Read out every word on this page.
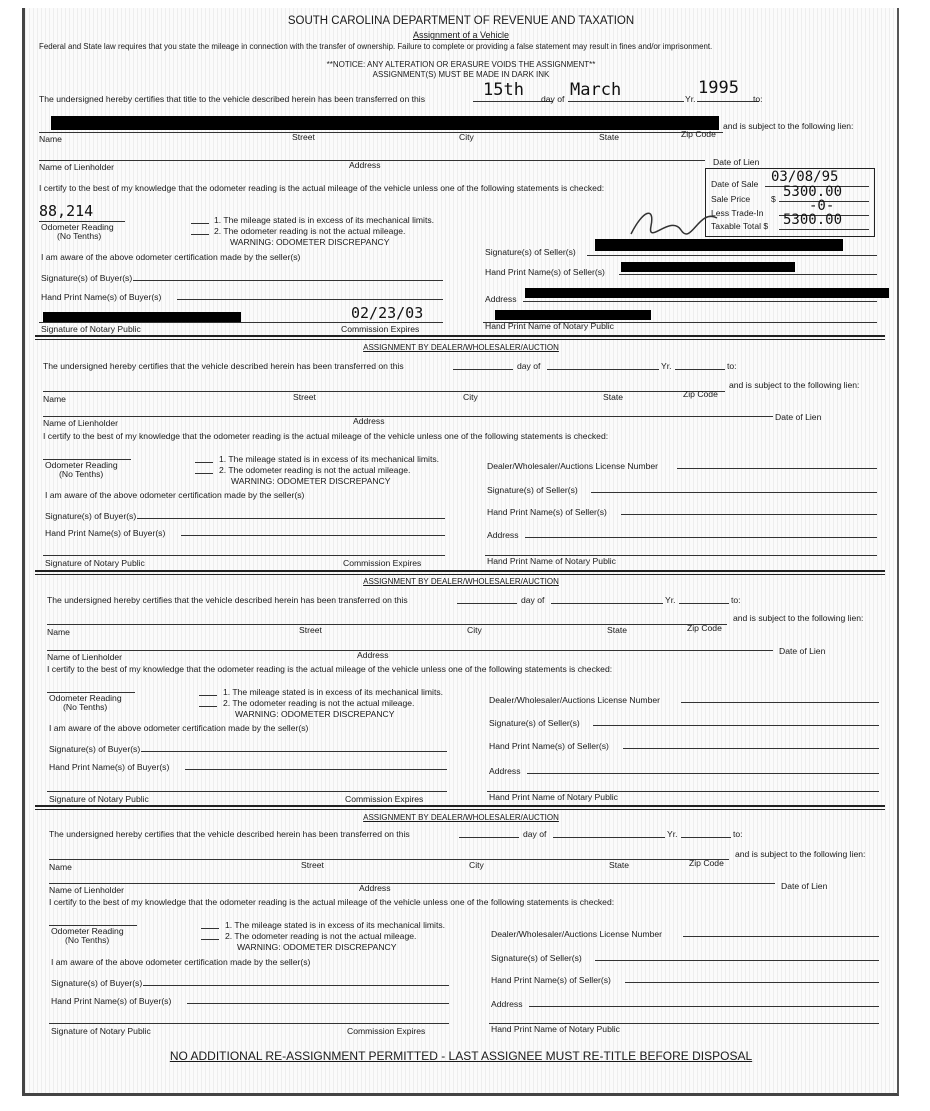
SOUTH CAROLINA DEPARTMENT OF REVENUE AND TAXATION
Assignment of a Vehicle
Federal and State law requires that you state the mileage in connection with the transfer of ownership. Failure to complete or providing a false statement may result in fines and/or imprisonment.
**NOTICE: ANY ALTERATION OR ERASURE VOIDS THE ASSIGNMENT**
ASSIGNMENT(S) MUST BE MADE IN DARK INK
The undersigned hereby certifies that title to the vehicle described herein has been transferred on this	15th day of March	Yr.
1995
to:
and is subject to the following lien:
Name	Street	City	State	Zip Code
Name of Lienholder	Address	Date of Lien
I certify to the best of my knowledge that the odometer reading is the actual mileage of the vehicle unless one of the following statements is checked:	Date of Sale 03/08/95
Sale Price $ 5300.00
Less Trade-In	-0-
Taxable Total $ 5300.00
88,214
Odometer Reading
(No Tenths)
1. The mileage stated is in excess of its mechanical limits.
2. The odometer reading is not the actual mileage.
WARNING: ODOMETER DISCREPANCY
I am aware of the above odometer certification made by the seller(s)	Signature(s) of Seller(s)
Hand Print Name(s) of Seller(s)
Signature(s) of Buyer(s)
Hand Print Name(s) of Buyer(s)	Address
02/23/03
Signature of Notary Public	Commission Expires	Hand Print Name of Notary Public
ASSIGNMENT BY DEALER/WHOLESALER/AUCTION
The undersigned hereby certifies that the vehicle described herein has been transferred on this	day of	Yr.	to:
and is subject to the following lien:
Name	Street	City	State	Zip Code
Name of Lienholder	Address	Date of Lien
I certify to the best of my knowledge that the odometer reading is the actual mileage of the vehicle unless one of the following statements is checked:
Odometer Reading
(No Tenths)
1. The mileage stated is in excess of its mechanical limits.
2. The odometer reading is not the actual mileage.
WARNING: ODOMETER DISCREPANCY
Dealer/Wholesaler/Auctions License Number
I am aware of the above odometer certification made by the seller(s)	Signature(s) of Seller(s)
Signature(s) of Buyer(s)	Hand Print Name(s) of Seller(s)
Hand Print Name(s) of Buyer(s)	Address
Signature of Notary Public	Commission Expires	Hand Print Name of Notary Public
ASSIGNMENT BY DEALER/WHOLESALER/AUCTION
The undersigned hereby certifies that the vehicle described herein has been transferred on this	day of	Yr.	to:
and is subject to the following lien:
Name	Street	City	State	Zip Code
Name of Lienholder	Address	Date of Lien
I certify to the best of my knowledge that the odometer reading is the actual mileage of the vehicle unless one of the following statements is checked:
Odometer Reading
(No Tenths)
1. The mileage stated is in excess of its mechanical limits.
2. The odometer reading is not the actual mileage.
WARNING: ODOMETER DISCREPANCY
Dealer/Wholesaler/Auctions License Number
I am aware of the above odometer certification made by the seller(s)	Signature(s) of Seller(s)
Signature(s) of Buyer(s)	Hand Print Name(s) of Seller(s)
Hand Print Name(s) of Buyer(s)	Address
Signature of Notary Public	Commission Expires	Hand Print Name of Notary Public
ASSIGNMENT BY DEALER/WHOLESALER/AUCTION
The undersigned hereby certifies that the vehicle described herein has been transferred on this	day of	Yr.	to:
and is subject to the following lien:
Name	Street	City	State	Zip Code
Name of Lienholder	Address	Date of Lien
I certify to the best of my knowledge that the odometer reading is the actual mileage of the vehicle unless one of the following statements is checked:
Odometer Reading
(No Tenths)
1. The mileage stated is in excess of its mechanical limits.
2. The odometer reading is not the actual mileage.
WARNING: ODOMETER DISCREPANCY
Dealer/Wholesaler/Auctions License Number
I am aware of the above odometer certification made by the seller(s)	Signature(s) of Seller(s)
Signature(s) of Buyer(s)	Hand Print Name(s) of Seller(s)
Hand Print Name(s) of Buyer(s)	Address
Signature of Notary Public	Commission Expires	Hand Print Name of Notary Public
NO ADDITIONAL RE-ASSIGNMENT PERMITTED - LAST ASSIGNEE MUST RE-TITLE BEFORE DISPOSAL
